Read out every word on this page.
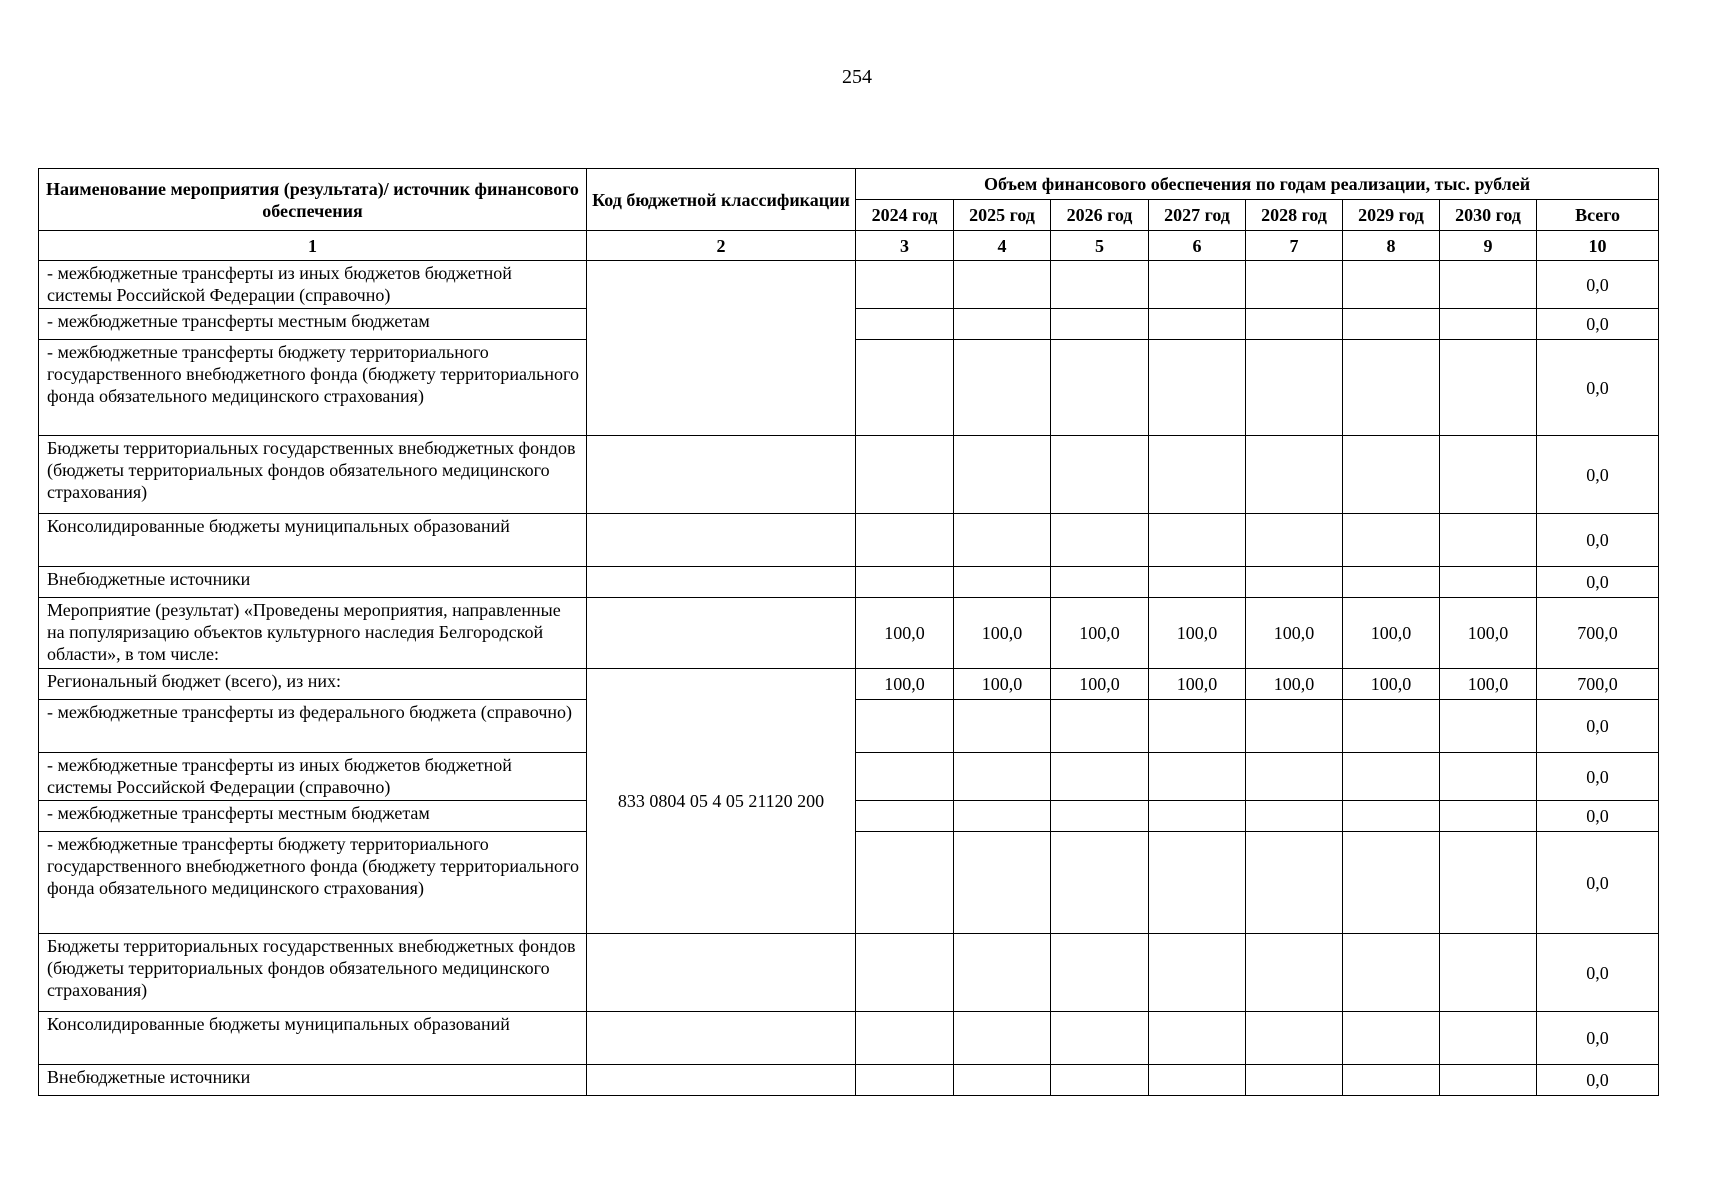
254
Наименование мероприятия (результата)/ источник финансового обеспечения	Код бюджетной классификации	Объем финансового обеспечения по годам реализации, тыс. рублей							
		2024 год	2025 год	2026 год	2027 год	2028 год	2029 год	2030 год	Всего
1	2	3	4	5	6	7	8	9	10
- межбюджетные трансферты из иных бюджетов бюджетной системы Российской Федерации (справочно)									0,0
- межбюджетные трансферты местным бюджетам									0,0
- межбюджетные трансферты бюджету территориального государственного внебюджетного фонда (бюджету территориального фонда обязательного медицинского страхования)									0,0
Бюджеты территориальных государственных внебюджетных фондов (бюджеты территориальных фондов обязательного медицинского страхования)									0,0
Консолидированные бюджеты муниципальных образований									0,0
Внебюджетные источники									0,0
Мероприятие (результат) «Проведены мероприятия, направленные на популяризацию объектов культурного наследия Белгородской области», в том числе:		100,0	100,0	100,0	100,0	100,0	100,0	100,0	700,0
Региональный бюджет (всего), из них:	833 0804 05 4 05 21120 200	100,0	100,0	100,0	100,0	100,0	100,0	100,0	700,0
- межбюджетные трансферты из федерального бюджета (справочно)									0,0
- межбюджетные трансферты из иных бюджетов бюджетной системы Российской Федерации (справочно)									0,0
- межбюджетные трансферты местным бюджетам									0,0
- межбюджетные трансферты бюджету территориального государственного внебюджетного фонда (бюджету территориального фонда обязательного медицинского страхования)									0,0
Бюджеты территориальных государственных внебюджетных фондов (бюджеты территориальных фондов обязательного медицинского страхования)									0,0
Консолидированные бюджеты муниципальных образований									0,0
Внебюджетные источники									0,0
